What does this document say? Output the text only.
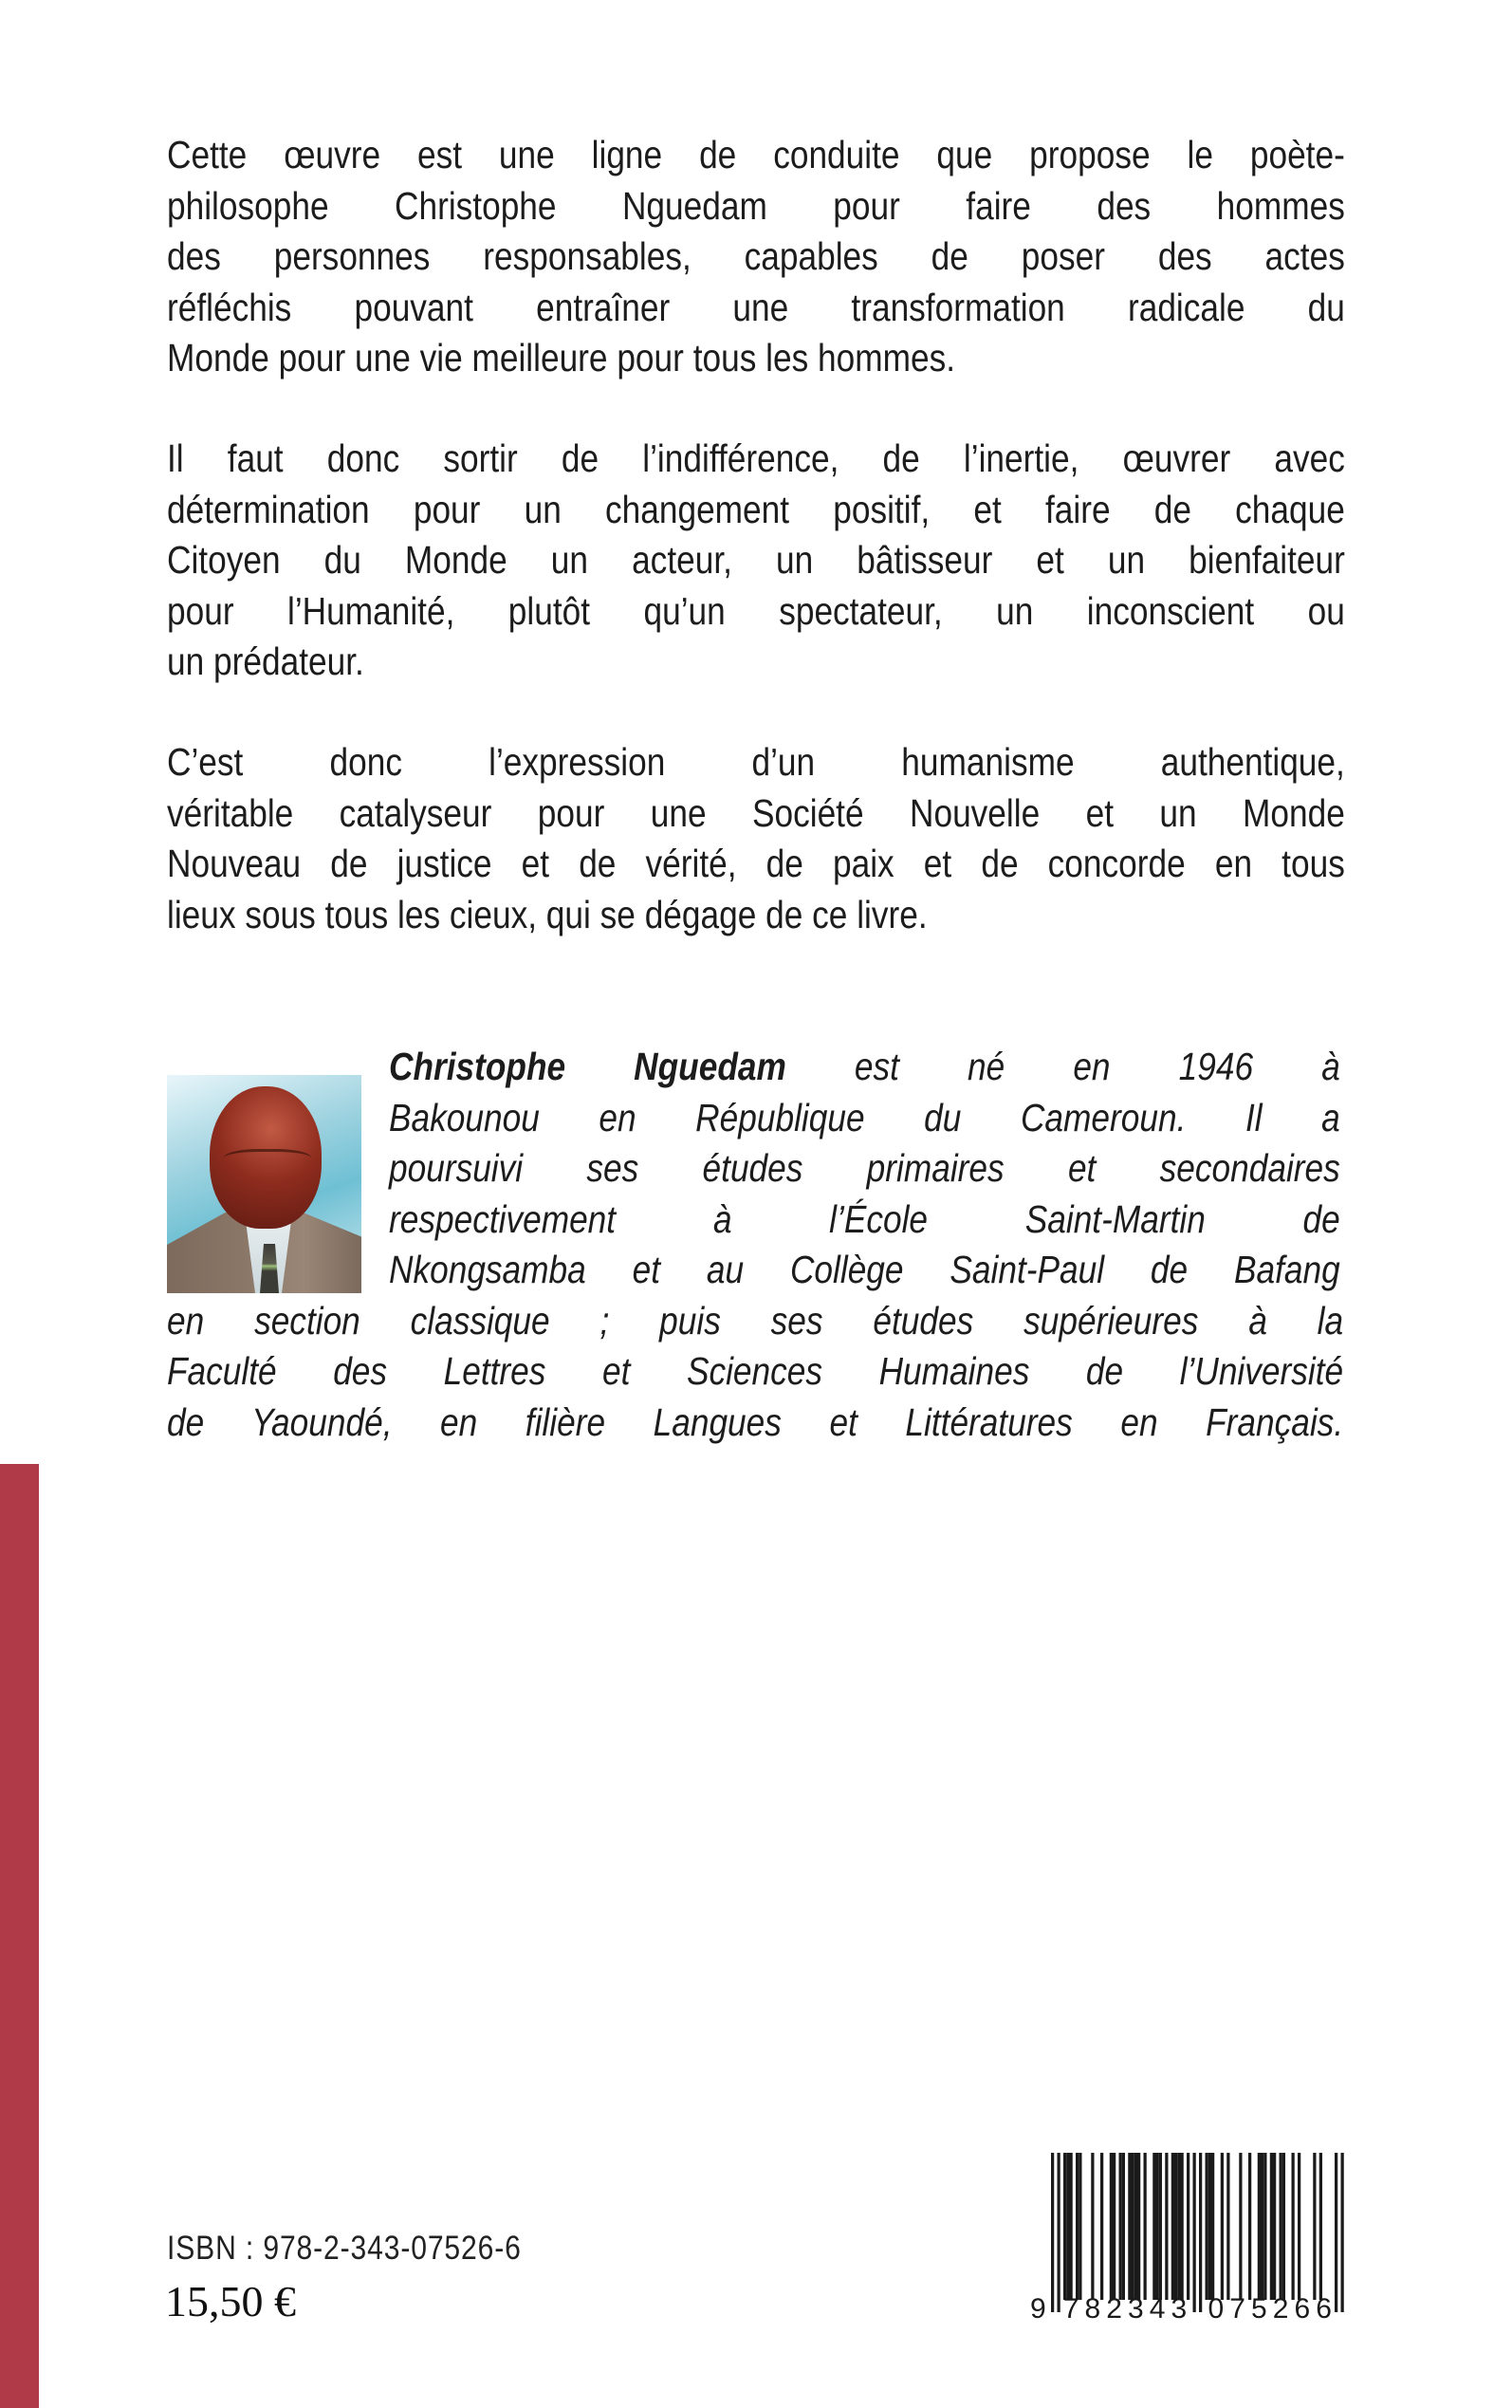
Cette œuvre est une ligne de conduite que propose le poète-
philosophe Christophe Nguedam pour faire des hommes
des personnes responsables, capables de poser des actes
réfléchis pouvant entraîner une transformation radicale du
Monde pour une vie meilleure pour tous les hommes.
Il faut donc sortir de l’indifférence, de l’inertie, œuvrer avec
détermination pour un changement positif, et faire de chaque
Citoyen du Monde un acteur, un bâtisseur et un bienfaiteur
pour l’Humanité, plutôt qu’un spectateur, un inconscient ou
un prédateur.
C’est donc l’expression d’un humanisme authentique,
véritable catalyseur pour une Société Nouvelle et un Monde
Nouveau de justice et de vérité, de paix et de concorde en tous
lieux sous tous les cieux, qui se dégage de ce livre.
Christophe Nguedam est né en 1946 à
Bakounou en République du Cameroun. Il a
poursuivi ses études primaires et secondaires
respectivement à l’École Saint-Martin de
Nkongsamba et au Collège Saint-Paul de Bafang
en section classique ; puis ses études supérieures à la
Faculté des Lettres et Sciences Humaines de l’Université
de Yaoundé, en filière Langues et Littératures en Français.
ISBN : 978-2-343-07526-6
15,50 €	9 7	0
8	7
2	5
3	2
4	6
3	6
